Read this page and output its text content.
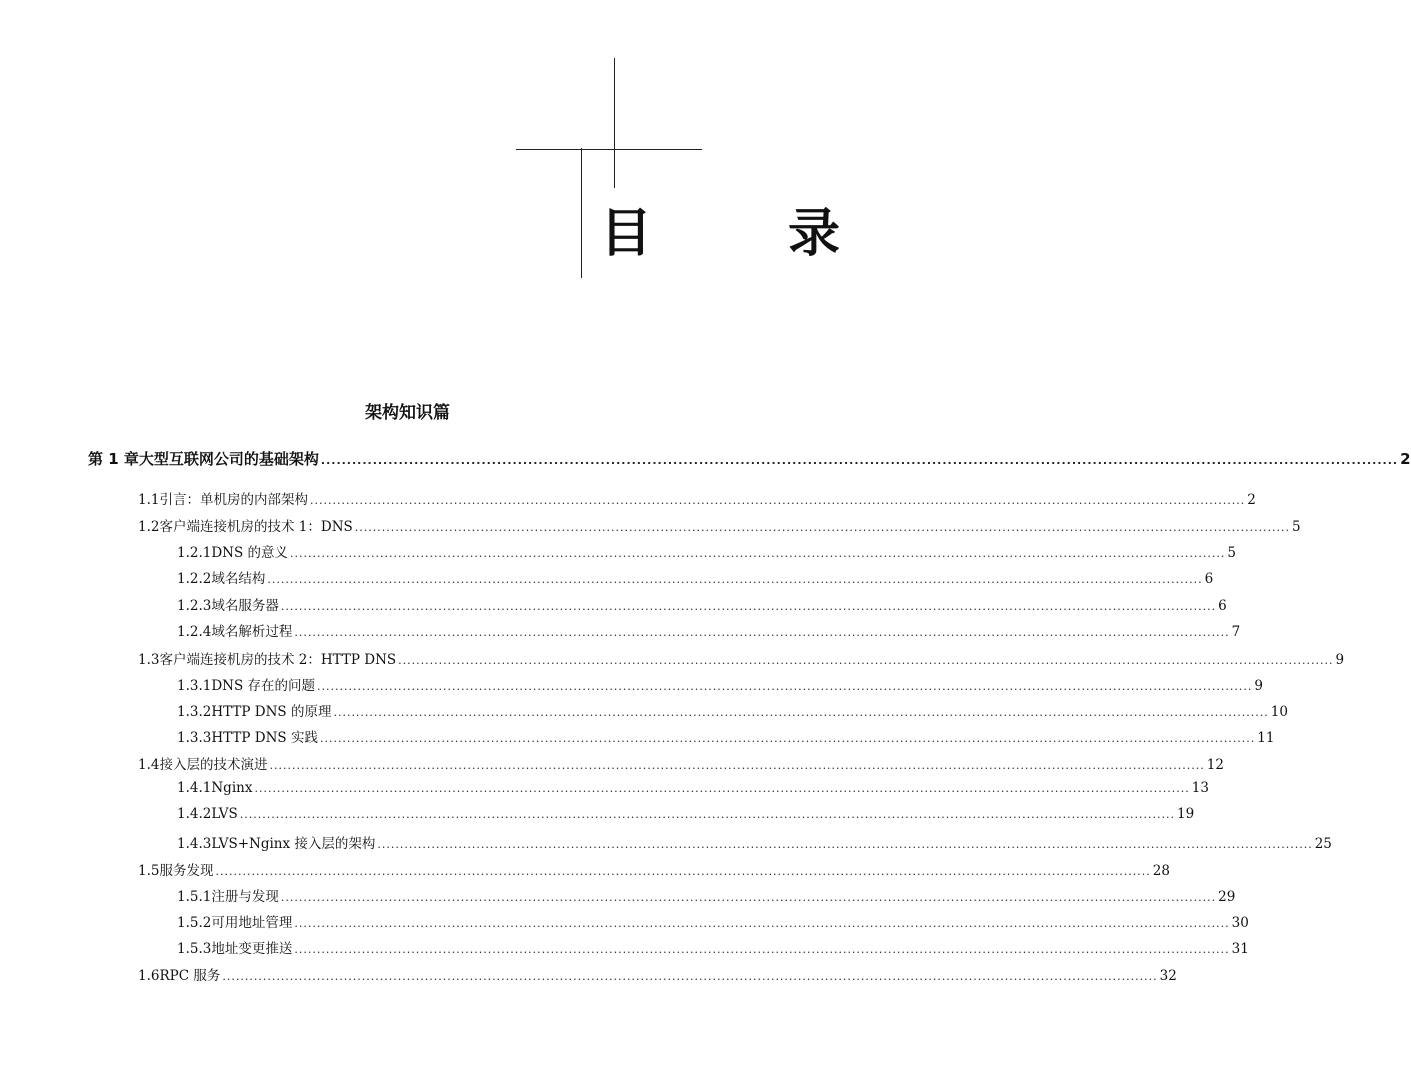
目　录
架构知识篇
第 1 章 大型互联网公司的基础架构 .....	2
1.1 引言：单机房的内部架构 .....	2
1.2 客户端连接机房的技术 1：DNS .....	5
1.2.1 DNS 的意义 .....	5
1.2.2 域名结构 .....	6
1.2.3 域名服务器 .....	6
1.2.4 域名解析过程 .....	7
1.3 客户端连接机房的技术 2：HTTP DNS .....	9
1.3.1 DNS 存在的问题 .....	9
1.3.2 HTTP DNS 的原理 .....	10
1.3.3 HTTP DNS 实践 .....	11
1.4 接入层的技术演进 .....	12
1.4.1 Nginx .....	13
1.4.2 LVS .....	19
1.4.3 LVS+Nginx 接入层的架构 .....	25
1.5 服务发现 .....	28
1.5.1 注册与发现 .....	29
1.5.2 可用地址管理 .....	30
1.5.3 地址变更推送 .....	31
1.6 RPC 服务 .....	32
